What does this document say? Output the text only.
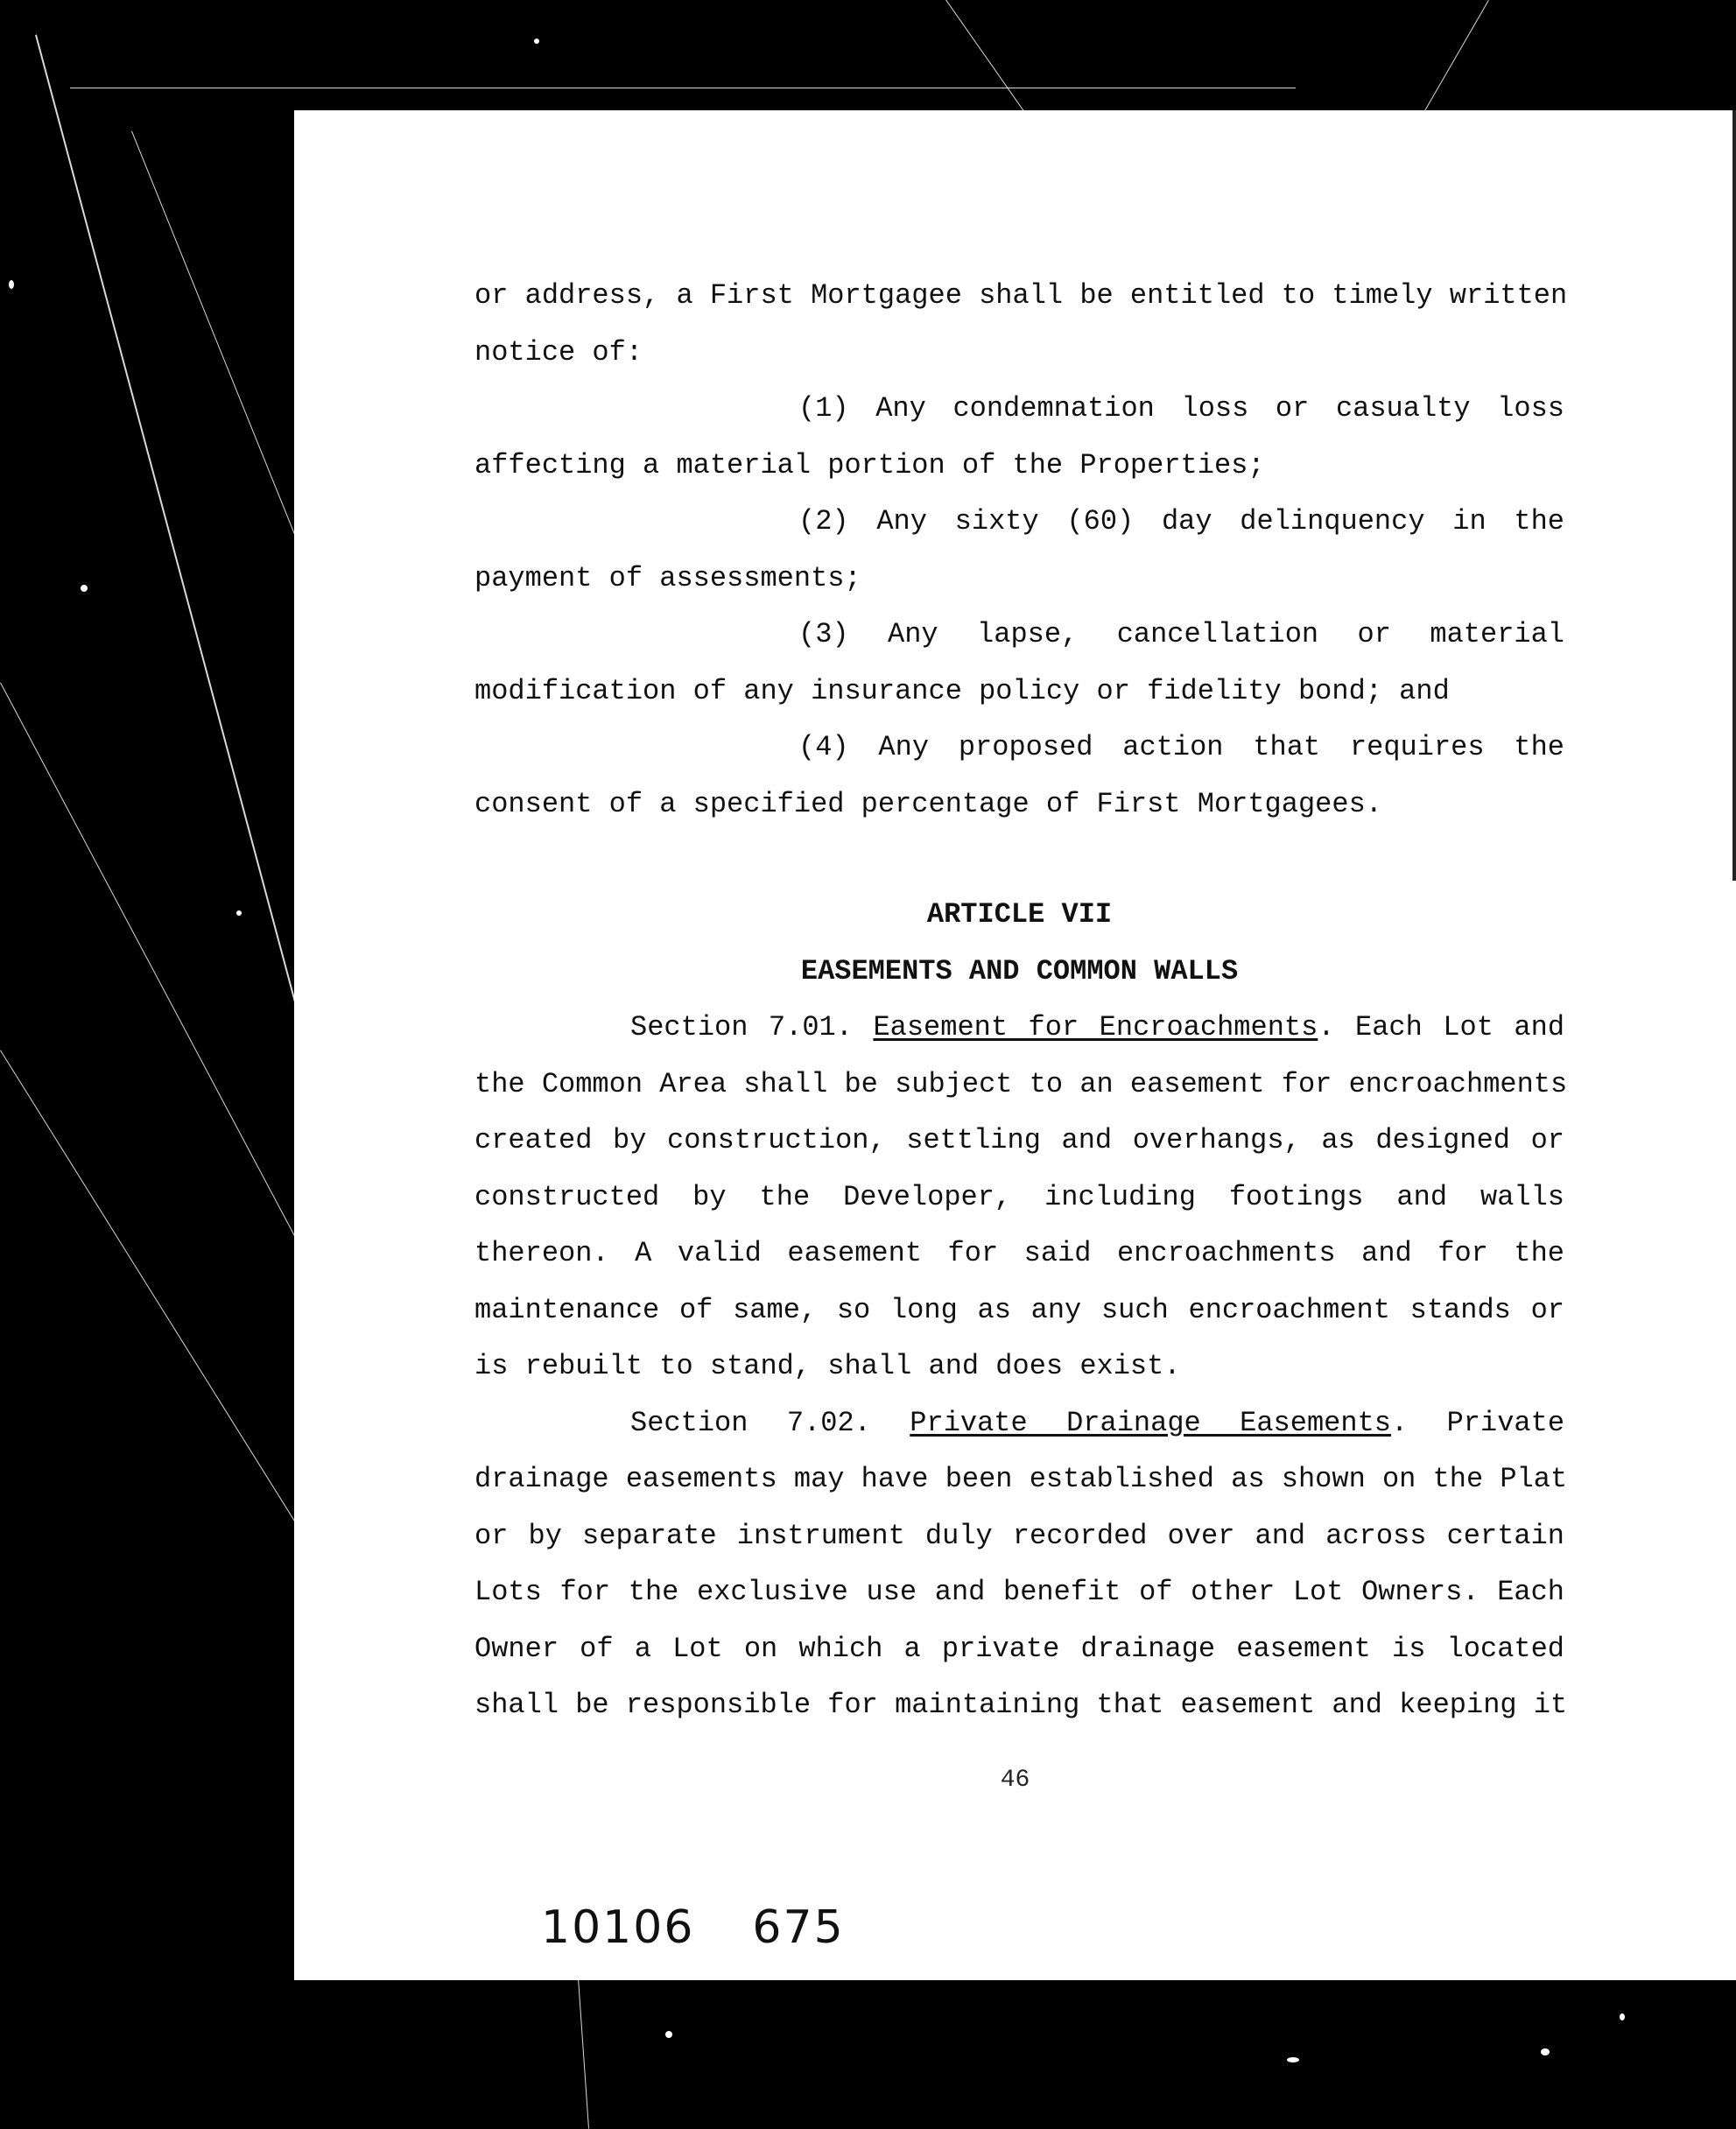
or address, a First Mortgagee shall be entitled to timely written
notice of:
(1) Any condemnation loss or casualty loss
affecting a material portion of the Properties;
(2) Any sixty (60) day delinquency in the
payment of assessments;
(3) Any lapse, cancellation or material
modification of any insurance policy or fidelity bond; and
(4) Any proposed action that requires the
consent of a specified percentage of First Mortgagees.
ARTICLE VII
EASEMENTS AND COMMON WALLS
Section 7.01. Easement for Encroachments. Each Lot and
the Common Area shall be subject to an easement for encroachments
created by construction, settling and overhangs, as designed or
constructed by the Developer, including footings and walls
thereon. A valid easement for said encroachments and for the
maintenance of same, so long as any such encroachment stands or
is rebuilt to stand, shall and does exist.
Section 7.02. Private Drainage Easements. Private
drainage easements may have been established as shown on the Plat
or by separate instrument duly recorded over and across certain
Lots for the exclusive use and benefit of other Lot Owners. Each
Owner of a Lot on which a private drainage easement is located
shall be responsible for maintaining that easement and keeping it
46
10106 675
